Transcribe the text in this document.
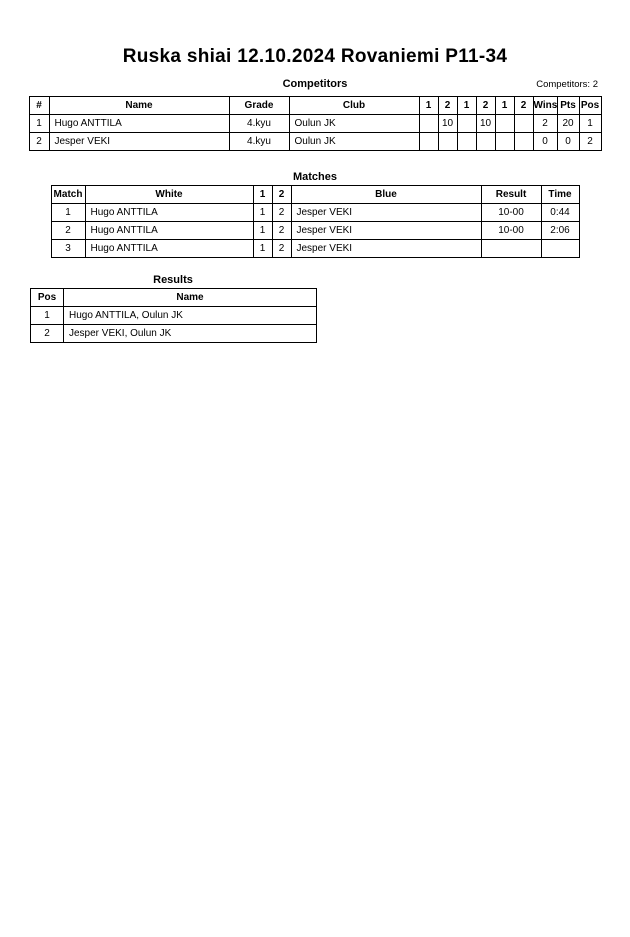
Ruska shiai 12.10.2024 Rovaniemi P11-34
Competitors	Competitors: 2
#	Name	Grade	Club	1	2	1	2	1	2	Wins	Pts	Pos
1	Hugo ANTTILA	4.kyu	Oulun JK		10		10			2	20	1
2	Jesper VEKI	4.kyu	Oulun JK							0	0	2
Matches
Match	White	1	2	Blue	Result	Time
1	Hugo ANTTILA	1	2	Jesper VEKI	10-00	0:44
2	Hugo ANTTILA	1	2	Jesper VEKI	10-00	2:06
3	Hugo ANTTILA	1	2	Jesper VEKI		
Results
Pos	Name
1	Hugo ANTTILA, Oulun JK
2	Jesper VEKI, Oulun JK
